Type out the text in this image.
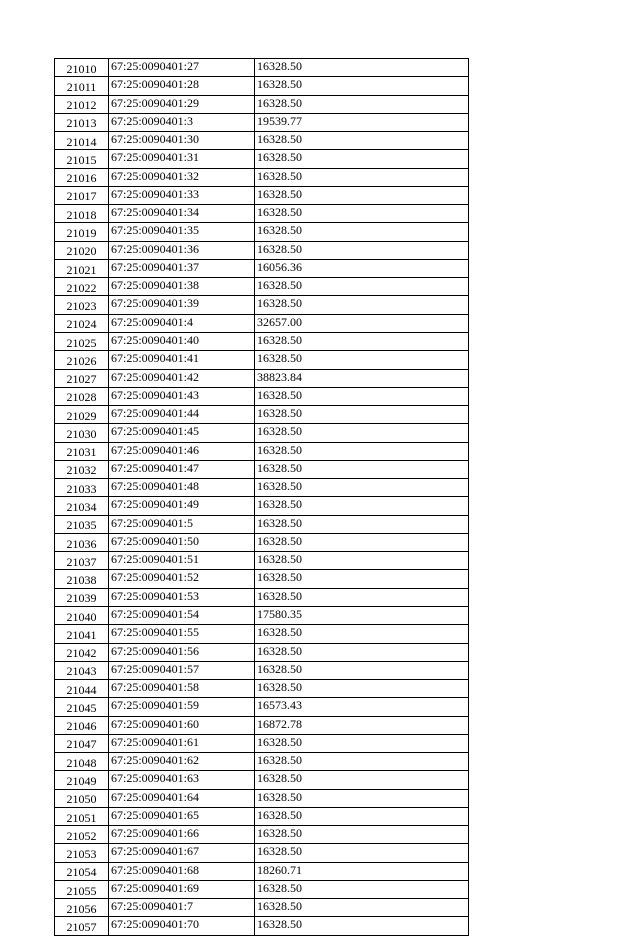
21010	67:25:0090401:27	16328.50
21011	67:25:0090401:28	16328.50
21012	67:25:0090401:29	16328.50
21013	67:25:0090401:3	19539.77
21014	67:25:0090401:30	16328.50
21015	67:25:0090401:31	16328.50
21016	67:25:0090401:32	16328.50
21017	67:25:0090401:33	16328.50
21018	67:25:0090401:34	16328.50
21019	67:25:0090401:35	16328.50
21020	67:25:0090401:36	16328.50
21021	67:25:0090401:37	16056.36
21022	67:25:0090401:38	16328.50
21023	67:25:0090401:39	16328.50
21024	67:25:0090401:4	32657.00
21025	67:25:0090401:40	16328.50
21026	67:25:0090401:41	16328.50
21027	67:25:0090401:42	38823.84
21028	67:25:0090401:43	16328.50
21029	67:25:0090401:44	16328.50
21030	67:25:0090401:45	16328.50
21031	67:25:0090401:46	16328.50
21032	67:25:0090401:47	16328.50
21033	67:25:0090401:48	16328.50
21034	67:25:0090401:49	16328.50
21035	67:25:0090401:5	16328.50
21036	67:25:0090401:50	16328.50
21037	67:25:0090401:51	16328.50
21038	67:25:0090401:52	16328.50
21039	67:25:0090401:53	16328.50
21040	67:25:0090401:54	17580.35
21041	67:25:0090401:55	16328.50
21042	67:25:0090401:56	16328.50
21043	67:25:0090401:57	16328.50
21044	67:25:0090401:58	16328.50
21045	67:25:0090401:59	16573.43
21046	67:25:0090401:60	16872.78
21047	67:25:0090401:61	16328.50
21048	67:25:0090401:62	16328.50
21049	67:25:0090401:63	16328.50
21050	67:25:0090401:64	16328.50
21051	67:25:0090401:65	16328.50
21052	67:25:0090401:66	16328.50
21053	67:25:0090401:67	16328.50
21054	67:25:0090401:68	18260.71
21055	67:25:0090401:69	16328.50
21056	67:25:0090401:7	16328.50
21057	67:25:0090401:70	16328.50
